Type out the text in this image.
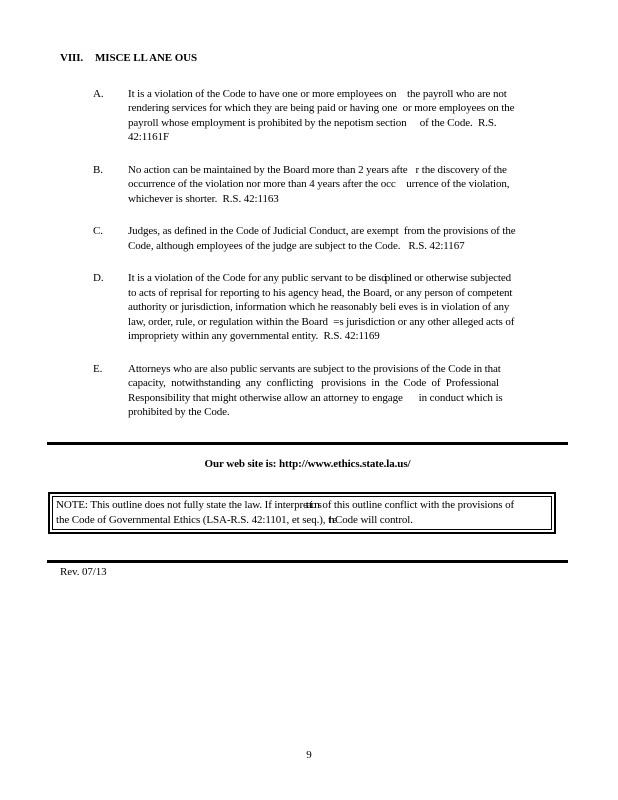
VIII.	MISCE LL ANE OUS
A.	It is a violation of the Code to have one or more employees on    the payroll who are not
rendering services for which they are being paid or having one  or more employees on the
payroll whose employment is prohibited by the nepotism section     of the Code.  R.S.
42:1161F
B.	No action can be maintained by the Board more than 2 years afte   r the discovery of the
occurrence of the violation nor more than 4 years after the occ    urrence of the violation,
whichever is shorter.  R.S. 42:1163
C.	Judges, as defined in the Code of Judicial Conduct, are exempt  from the provisions of the
Code, although employees of the judge are subject to the Code.   R.S. 42:1167
D.	It is a violation of the Code for any public servant to be disciplined or otherwise subjected
to acts of reprisal for reporting to his agency head, the Board, or any person of competent
authority or jurisdiction, information which he reasonably beli eves is in violation of any
law, order, rule, or regulation within the Board  =s jurisdiction or any other alleged acts of
impropriety within any governmental entity.  R.S. 42:1169
E.	Attorneys who are also public servants are subject to the provisions of the Code in that
capacity,  notwithstanding  any  conflicting   provisions  in  the  Code  of  Professional
Responsibility that might otherwise allow an attorney to engage      in conduct which is
prohibited by the Code.
Our web site is: http://www.ethics.state.la.us/
NOTE: This outline does not fully state the law. If interpretations of this outline conflict with the provisions of
the Code of Governmental Ethics (LSA-R.S. 42:1101, et seq.), theCode will control.
Rev. 07/13
9
